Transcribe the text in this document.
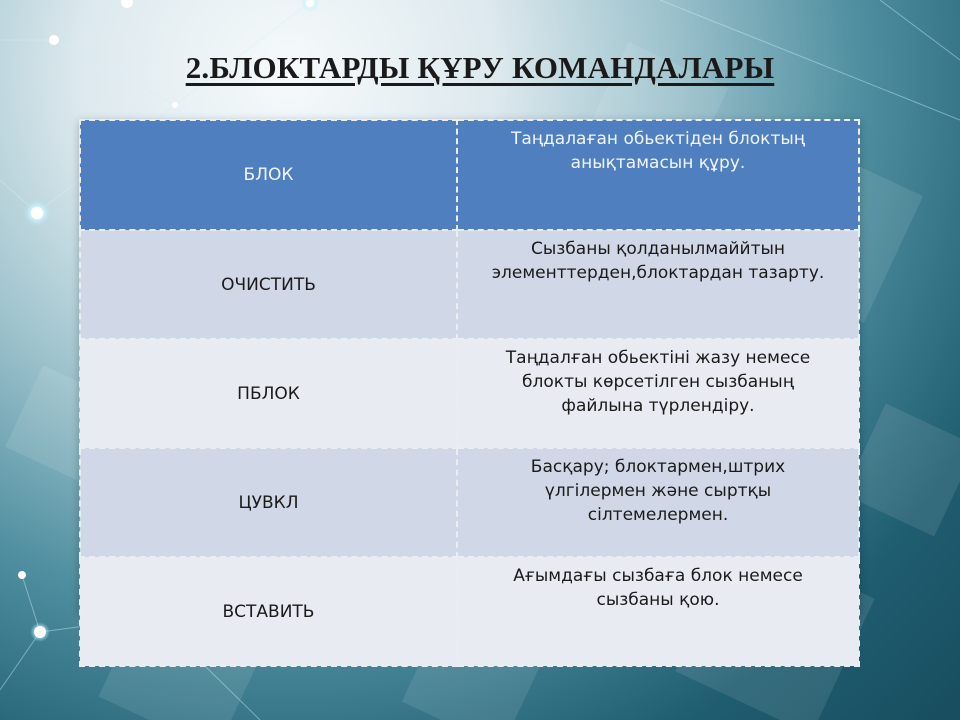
2.БЛОКТАРДЫ ҚҰРУ КОМАНДАЛАРЫ
БЛОК	Таңдалаған обьектіден блоктың
анықтамасын құру.
ОЧИСТИТЬ	Сызбаны қолданылмаййтын
элементтерден,блоктардан тазарту.
ПБЛОК	Таңдалған обьектіні жазу немесе
блокты көрсетілген сызбаның
файлына түрлендіру.
ЦУВКЛ	Басқару; блоктармен,штрих
үлгілермен және сыртқы
сілтемелермен.
ВСТАВИТЬ	Ағымдағы сызбаға блок немесе
сызбаны қою.
